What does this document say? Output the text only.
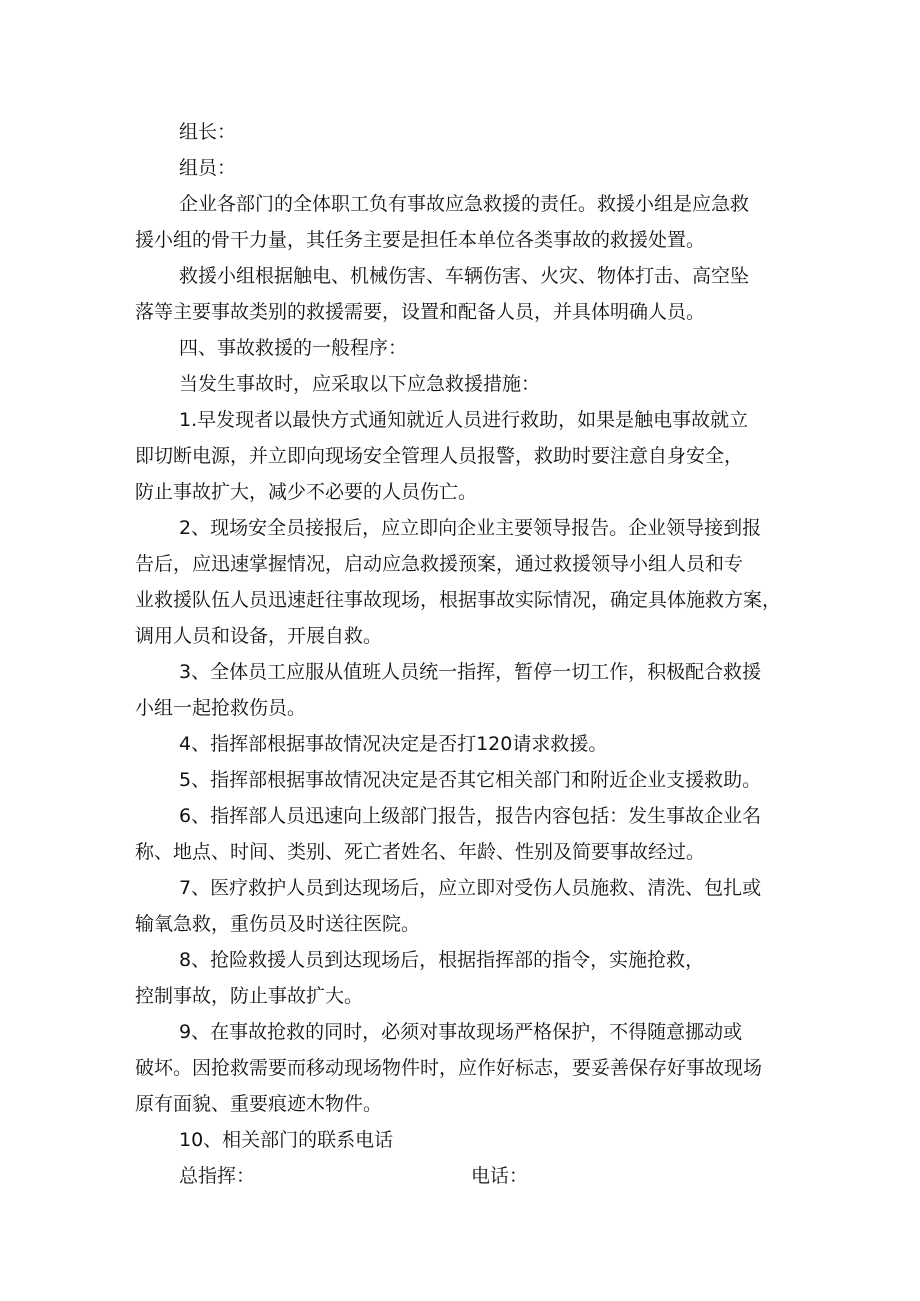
组长：
组员：
企业各部门的全体职工负有事故应急救援的责任。救援小组是应急救
援小组的骨干力量，其任务主要是担任本单位各类事故的救援处置。
救援小组根据触电、机械伤害、车辆伤害、火灾、物体打击、高空坠
落等主要事故类别的救援需要，设置和配备人员，并具体明确人员。
四、事故救援的一般程序：
当发生事故时，应采取以下应急救援措施：
1.早发现者以最快方式通知就近人员进行救助，如果是触电事故就立
即切断电源，并立即向现场安全管理人员报警，救助时要注意自身安全，
防止事故扩大，减少不必要的人员伤亡。
2、现场安全员接报后，应立即向企业主要领导报告。企业领导接到报
告后，应迅速掌握情况，启动应急救援预案，通过救援领导小组人员和专
业救援队伍人员迅速赶往事故现场，根据事故实际情况，确定具体施救方案，
调用人员和设备，开展自救。
3、全体员工应服从值班人员统一指挥，暂停一切工作，积极配合救援
小组一起抢救伤员。
4、指挥部根据事故情况决定是否打120请求救援。
5、指挥部根据事故情况决定是否其它相关部门和附近企业支援救助。
6、指挥部人员迅速向上级部门报告，报告内容包括：发生事故企业名
称、地点、时间、类别、死亡者姓名、年龄、性别及简要事故经过。
7、医疗救护人员到达现场后，应立即对受伤人员施救、清洗、包扎或
输氧急救，重伤员及时送往医院。
8、抢险救援人员到达现场后，根据指挥部的指令，实施抢救，
控制事故，防止事故扩大。
9、在事故抢救的同时，必须对事故现场严格保护，不得随意挪动或
破坏。因抢救需要而移动现场物件时，应作好标志，要妥善保存好事故现场
原有面貌、重要痕迹木物件。
10、相关部门的联系电话
总指挥：	电话：
